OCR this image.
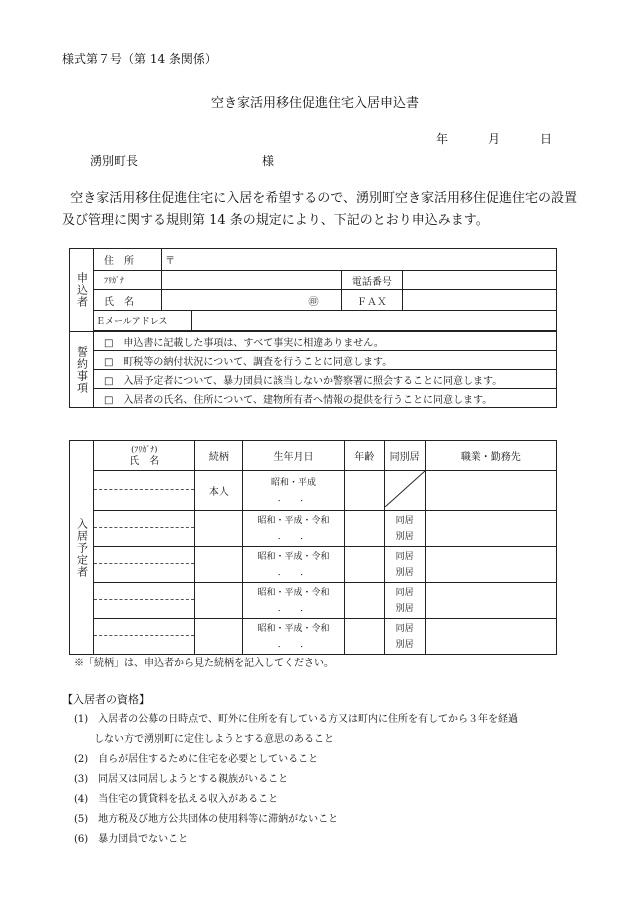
様式第７号（第 14 条関係）
空き家活用移住促進住宅入居申込書
年	月	日
湧別町長	様
空き家活用移住促進住宅に入居を希望するので、湧別町空き家活用移住促進住宅の設置及び管理に関する規則第 14 条の規定により、下記のとおり申込みます。
申込者	住　所	〒			
	ﾌﾘｶﾞﾅ			電話番号	
	氏　名	㊞		ＦＡＸ	
	Ｅメールアドレス				

誓約事項	□　申込書に記載した事項は、すべて事実に相違ありません。				
	□　町税等の納付状況について、調査を行うことに同意します。				
	□　入居予定者について、暴力団員に該当しないか警察署に照会することに同意します。				
	□　入居者の氏名、住所について、建物所有者へ情報の提供を行うことに同意します。				
入居予定者	(ﾌﾘｶﾞﾅ)
氏　名	続柄	生年月日	年齢	同別居	職業・勤務先

		本人	昭和・平成
．　　．

			昭和・平成・令和
．　　．		同居
別居	

			昭和・平成・令和
．　　．		同居
別居	

			昭和・平成・令和
．　　．		同居
別居	

			昭和・平成・令和
．　　．		同居
別居	

※「続柄」は、申込者から見た続柄を記入してください。
【入居者の資格】
(1)　入居者の公募の日時点で、町外に住所を有している方又は町内に住所を有してから３年を経過
　　しない方で湧別町に定住しようとする意思のあること
(2)　自らが居住するために住宅を必要としていること
(3)　同居又は同居しようとする親族がいること
(4)　当住宅の賃貸料を払える収入があること
(5)　地方税及び地方公共団体の使用料等に滞納がないこと
(6)　暴力団員でないこと
